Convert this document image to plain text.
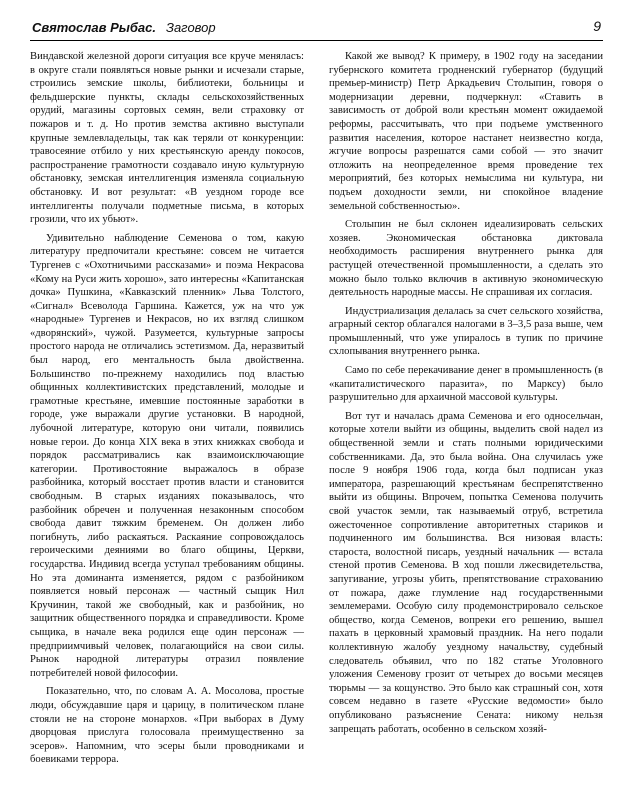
Святослав Рыбас. Заговор	9

Виндавской железной дороги ситуация все круче меняласъ: в округе стали появляться новые рынки и исчезали старые, строились земские школы, библиотеки, больницы и фельдшерские пункты, склады сельскохозяйственных орудий, магазины сортовых семян, вели страховку от пожаров и т. д. Но против земства активно выступали крупные землевладельцы, так как теряли от конкуренции: травосеяние отбило у них крестьянскую аренду покосов, распространение грамотности создавало иную культурную обстановку, земская интеллигенция изменяла социальную обстановку. И вот результат: «В уездном городе все интеллигенты получали подметные письма, в которых грозили, что их убьют».

Удивительно наблюдение Семенова о том, какую литературу предпочитали крестьяне: совсем не читается Тургенев с «Охотничьими рассказами» и поэма Некрасова «Кому на Руси жить хорошо», зато интересны «Капитанская дочка» Пушкина, «Кавказский пленник» Льва Толстого, «Сигнал» Всеволода Гаршина. Кажется, уж на что уж «народные» Тургенев и Некрасов, но их взгляд слишком «дворянский», чужой. Разумеется, культурные запросы простого народа не отличались эстетизмом. Да, неразвитый был народ, его ментальность была двойственна. Большинство по-прежнему находились под властью общинных коллективистских представлений, молодые и грамотные крестьяне, имевшие постоянные заработки в городе, уже выражали другие установки. В народной, лубочной литературе, которую они читали, появились новые герои. До конца XIX века в этих книжках свобода и порядок рассматривались как взаимоисключающие категории. Противостояние выражалось в образе разбойника, который восстает против власти и становится свободным. В старых изданиях показывалось, что разбойник обречен и полученная незаконным способом свобода давит тяжким бременем. Он должен либо погибнуть, либо раскаяться. Раскаяние сопровождалось героическими деяниями во благо общины, Церкви, государства. Индивид всегда уступал требованиям общины. Но эта доминанта изменяется, рядом с разбойником появляется новый персонаж — частный сыщик Нил Кручинин, такой же свободный, как и разбойник, но защитник общественного порядка и справедливости. Кроме сыщика, в начале века родился еще один персонаж — предприимчивый человек, полагающийся на свои силы. Рынок народной литературы отразил появление потребителей новой философии.

Показательно, что, по словам А. А. Мосолова, простые люди, обсуждавшие царя и царицу, в политическом плане стояли не на стороне монархов. «При выборах в Думу дворцовая прислуга голосовала преимущественно за эсеров». Напомним, что эсеры были проводниками и боевиками террора.

Какой же вывод? К примеру, в 1902 году на заседании губернского комитета гродненский губернатор (будущий премьер-министр) Петр Аркадьевич Столыпин, говоря о модернизации деревни, подчеркнул: «Ставить в зависимость от доброй воли крестьян момент ожидаемой реформы, рассчитывать, что при подъеме умственного развития населения, которое настанет неизвестно когда, жгучие вопросы разрешатся сами собой — это значит отложить на неопределенное время проведение тех мероприятий, без которых немыслима ни культура, ни подъем доходности земли, ни спокойное владение земельной собственностью».

Столыпин не был склонен идеализировать сельских хозяев. Экономическая обстановка диктовала необходимость расширения внутреннего рынка для растущей отечественной промышленности, а сделать это можно было только включив в активную экономическую деятельность народные массы. Не спрашивая их согласия.

Индустриализация делалась за счет сельского хозяйства, аграрный сектор облагался налогами в 3–3,5 раза выше, чем промышленный, что уже упиралось в тупик по причине схлопывания внутреннего рынка.

Само по себе перекачивание денег в промышленность (в «капиталистического паразита», по Марксу) было разрушительно для архаичной массовой культуры.

Вот тут и началась драма Семенова и его односельчан, которые хотели выйти из общины, выделить свой надел из общественной земли и стать полными юридическими собственниками. Да, это была война. Она случилась уже после 9 ноября 1906 года, когда был подписан указ императора, разрешающий крестьянам беспрепятственно выйти из общины. Впрочем, попытка Семенова получить свой участок земли, так называемый отруб, встретила ожесточенное сопротивление авторитетных стариков и подчиненного им большинства. Вся низовая власть: староста, волостной писарь, уездный начальник — встала стеной против Семенова. В ход пошли лжесвидетельства, запугивание, угрозы убить, препятствование страхованию от пожара, даже глумление над государственными землемерами. Особую силу продемонстрировало сельское общество, когда Семенов, вопреки его решению, вышел пахать в церковный храмовый праздник. На него подали коллективную жалобу уездному начальству, судебный следователь объявил, что по 182 статье Уголовного уложения Семенову грозит от четырех до восьми месяцев тюрьмы — за кощунство. Это было как страшный сон, хотя совсем недавно в газете «Русские ведомости» было опубликовано разъяснение Сената: никому нельзя запрещать работать, особенно в сельском хозяй-
